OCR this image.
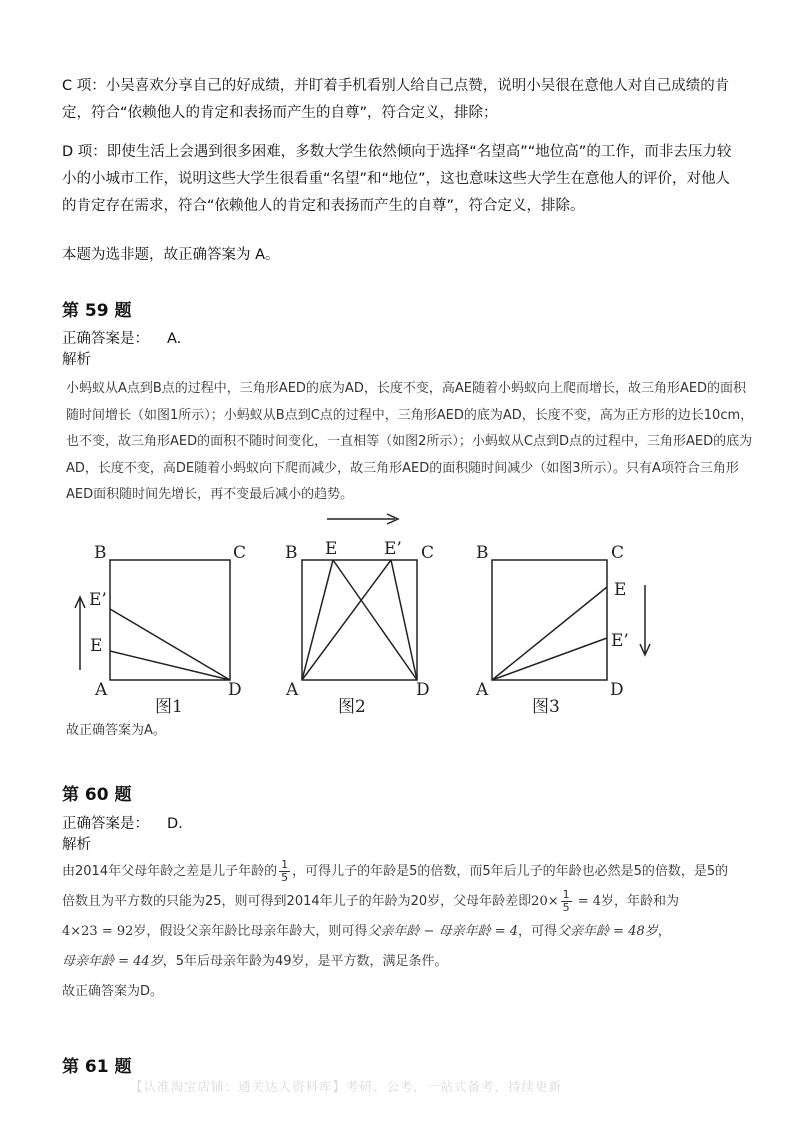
C 项：小吴喜欢分享自己的好成绩，并盯着手机看别人给自己点赞，说明小吴很在意他人对自己成绩的肯定，符合“依赖他人的肯定和表扬而产生的自尊”，符合定义，排除；

D 项：即使生活上会遇到很多困难，多数大学生依然倾向于选择“名望高”“地位高”的工作，而非去压力较小的小城市工作，说明这些大学生很看重“名望”和“地位”，这也意味这些大学生在意他人的评价，对他人的肯定存在需求，符合“依赖他人的肯定和表扬而产生的自尊”，符合定义，排除。

本题为选非题，故正确答案为 A。

第 59 题

正确答案是： A.

解析

小蚂蚁从A点到B点的过程中，三角形AED的底为AD，长度不变，高AE随着小蚂蚁向上爬而增长，故三角形AED的面积随时间增长（如图1所示）；小蚂蚁从B点到C点的过程中，三角形AED的底为AD，长度不变，高为正方形的边长10cm，也不变，故三角形AED的面积不随时间变化，一直相等（如图2所示）；小蚂蚁从C点到D点的过程中，三角形AED的底为AD，长度不变，高DE随着小蚂蚁向下爬而减少，故三角形AED的面积随时间减少（如图3所示）。只有A项符合三角形AED面积随时间先增长，再不变最后减小的趋势。

B	C
E’
E
A	D
图1
B E	E’ C
A	D
图2
B	C
E
E’
A	D
图3

故正确答案为A。

第 60 题

正确答案是： D.

解析

由2014年父母年龄之差是儿子年龄的 $\frac{1}{5}$ ，可得儿子的年龄是5的倍数，而5年后儿子的年龄也必然是5的倍数，是5的
倍数且为平方数的只能为25，则可得到2014年儿子的年龄为20岁，父母年龄差即$20\times \frac{1}{5} = 4$岁，年龄和为
4×23 = 92岁，假设父亲年龄比母亲年龄大，则可得父亲年龄 − 母亲年龄 = 4，可得父亲年龄 = 48岁，
母亲年龄 = 44岁，5年后母亲年龄为49岁，是平方数，满足条件。
故正确答案为D。

第 61 题

【认准淘宝店铺：通关达人资料库】考研、公考，一站式备考，持续更新
